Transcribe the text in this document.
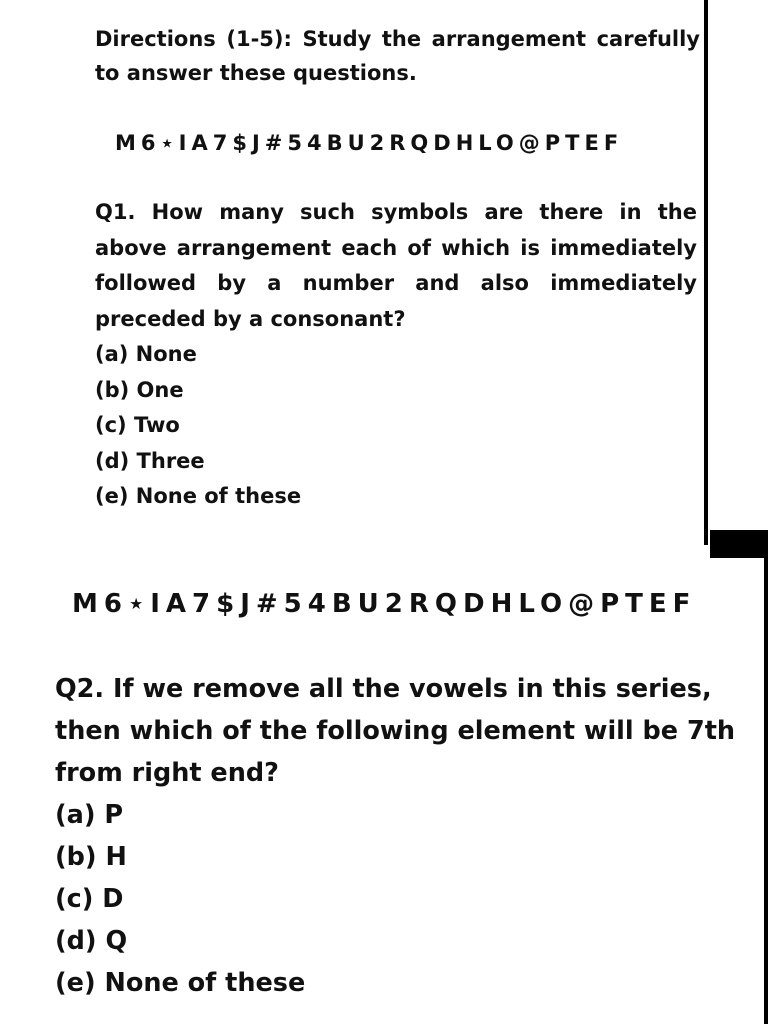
Directions (1-5): Study the arrangement carefully to answer these questions.
M6⋆IA7$J#54BU2RQDHLO@PTEF

Q1. How many such symbols are there in the above arrangement each of which is immediately followed by a number and also immediately preceded by a consonant?

(a) None
(b) One
(c) Two
(d) Three
(e) None of these
M6⋆IA7$J#54BU2RQDHLO@PTEF

Q2. If we remove all the vowels in this series, then which of the following element will be 7th from right end?

(a) P
(b) H
(c) D
(d) Q
(e) None of these
